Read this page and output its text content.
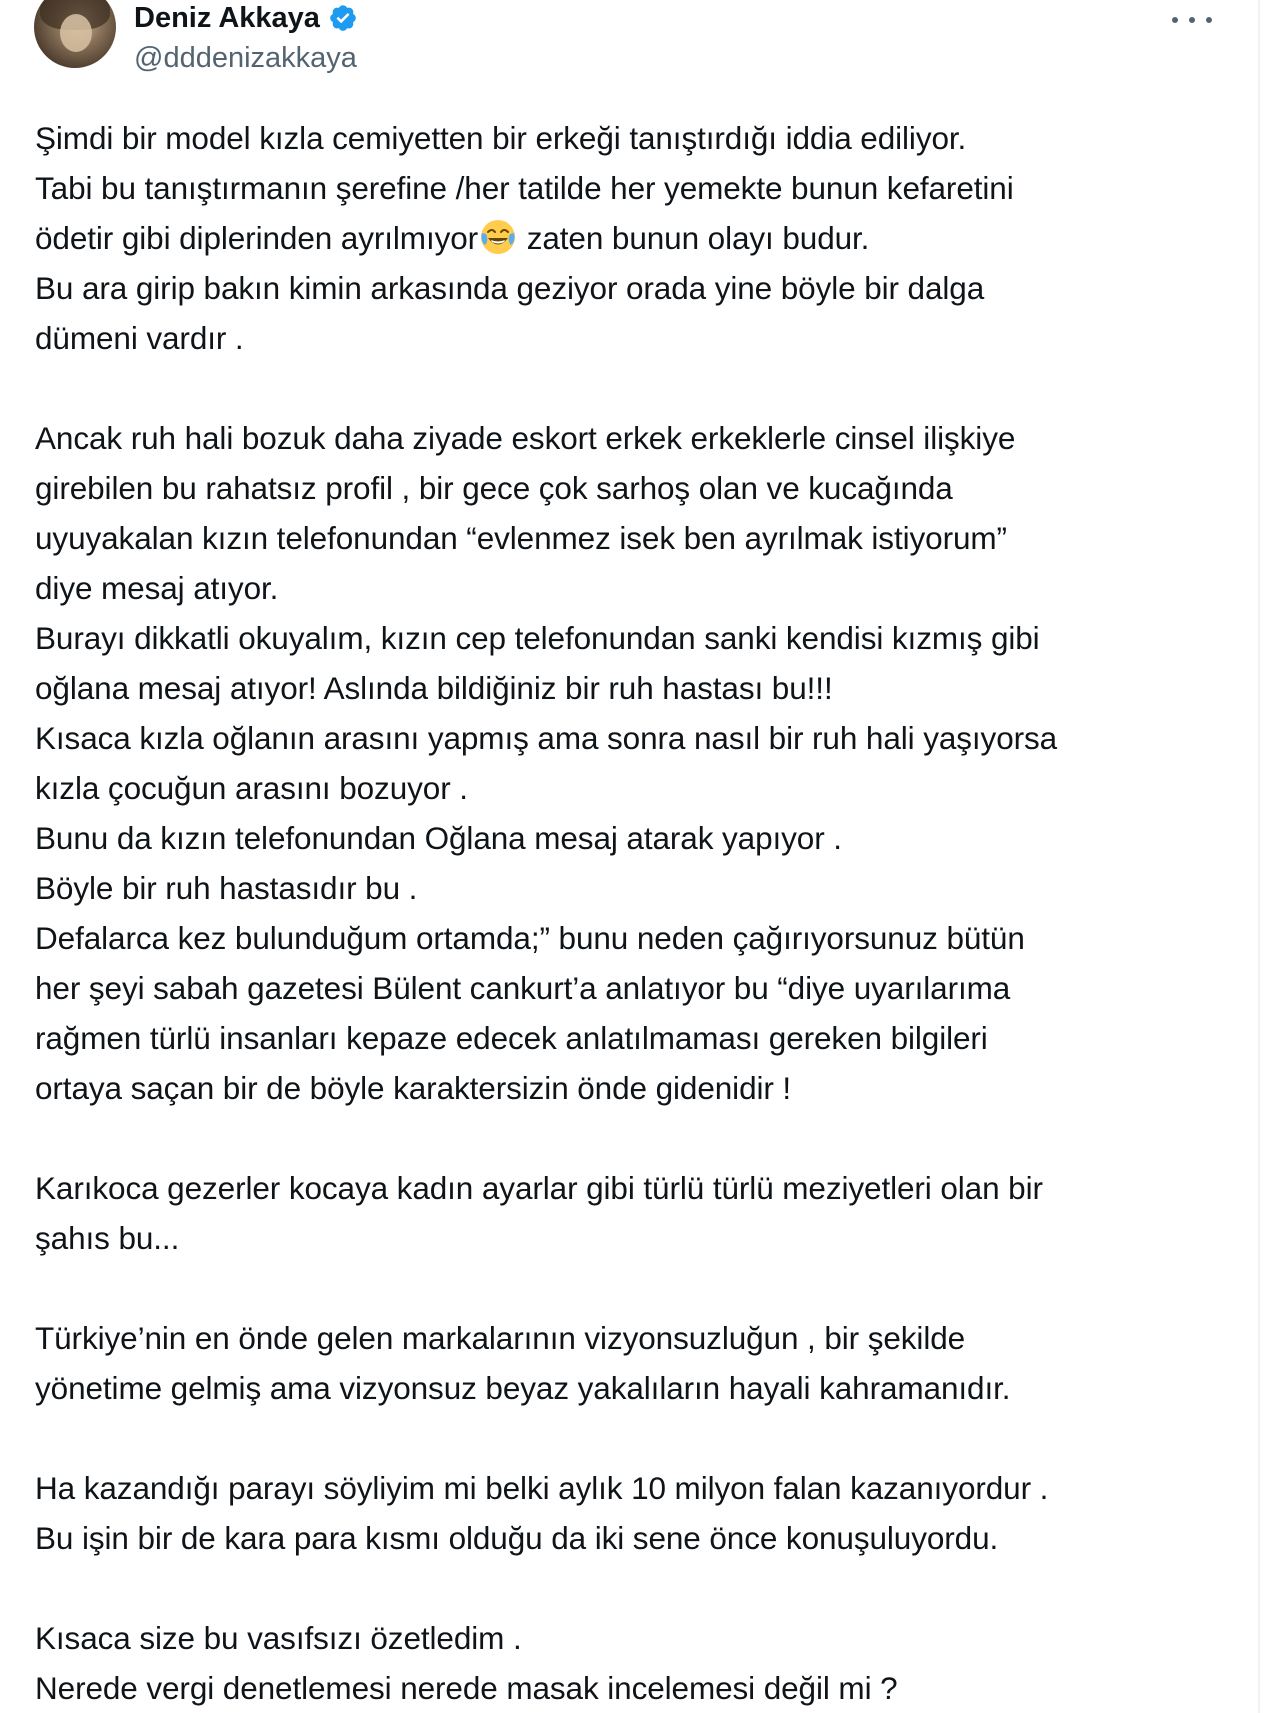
Deniz Akkaya
@dddenizakkaya
Şimdi bir model kızla cemiyetten bir erkeği tanıştırdığı iddia ediliyor.
Tabi bu tanıştırmanın şerefine /her tatilde her yemekte bunun kefaretini
ödetir gibi diplerinden ayrılmıyor zaten bunun olayı budur.
Bu ara girip bakın kimin arkasında geziyor orada yine böyle bir dalga
dümeni vardır .
Ancak ruh hali bozuk daha ziyade eskort erkek erkeklerle cinsel ilişkiye
girebilen bu rahatsız profil , bir gece çok sarhoş olan ve kucağında
uyuyakalan kızın telefonundan “evlenmez isek ben ayrılmak istiyorum”
diye mesaj atıyor.
Burayı dikkatli okuyalım, kızın cep telefonundan sanki kendisi kızmış gibi
oğlana mesaj atıyor! Aslında bildiğiniz bir ruh hastası bu!!!
Kısaca kızla oğlanın arasını yapmış ama sonra nasıl bir ruh hali yaşıyorsa
kızla çocuğun arasını bozuyor .
Bunu da kızın telefonundan Oğlana mesaj atarak yapıyor .
Böyle bir ruh hastasıdır bu .
Defalarca kez bulunduğum ortamda;” bunu neden çağırıyorsunuz bütün
her şeyi sabah gazetesi Bülent cankurt’a anlatıyor bu “diye uyarılarıma
rağmen türlü insanları kepaze edecek anlatılmaması gereken bilgileri
ortaya saçan bir de böyle karaktersizin önde gidenidir !
Karıkoca gezerler kocaya kadın ayarlar gibi türlü türlü meziyetleri olan bir
şahıs bu...
Türkiye’nin en önde gelen markalarının vizyonsuzluğun , bir şekilde
yönetime gelmiş ama vizyonsuz beyaz yakalıların hayali kahramanıdır.
Ha kazandığı parayı söyliyim mi belki aylık 10 milyon falan kazanıyordur .
Bu işin bir de kara para kısmı olduğu da iki sene önce konuşuluyordu.
Kısaca size bu vasıfsızı özetledim .
Nerede vergi denetlemesi nerede masak incelemesi değil mi ?
